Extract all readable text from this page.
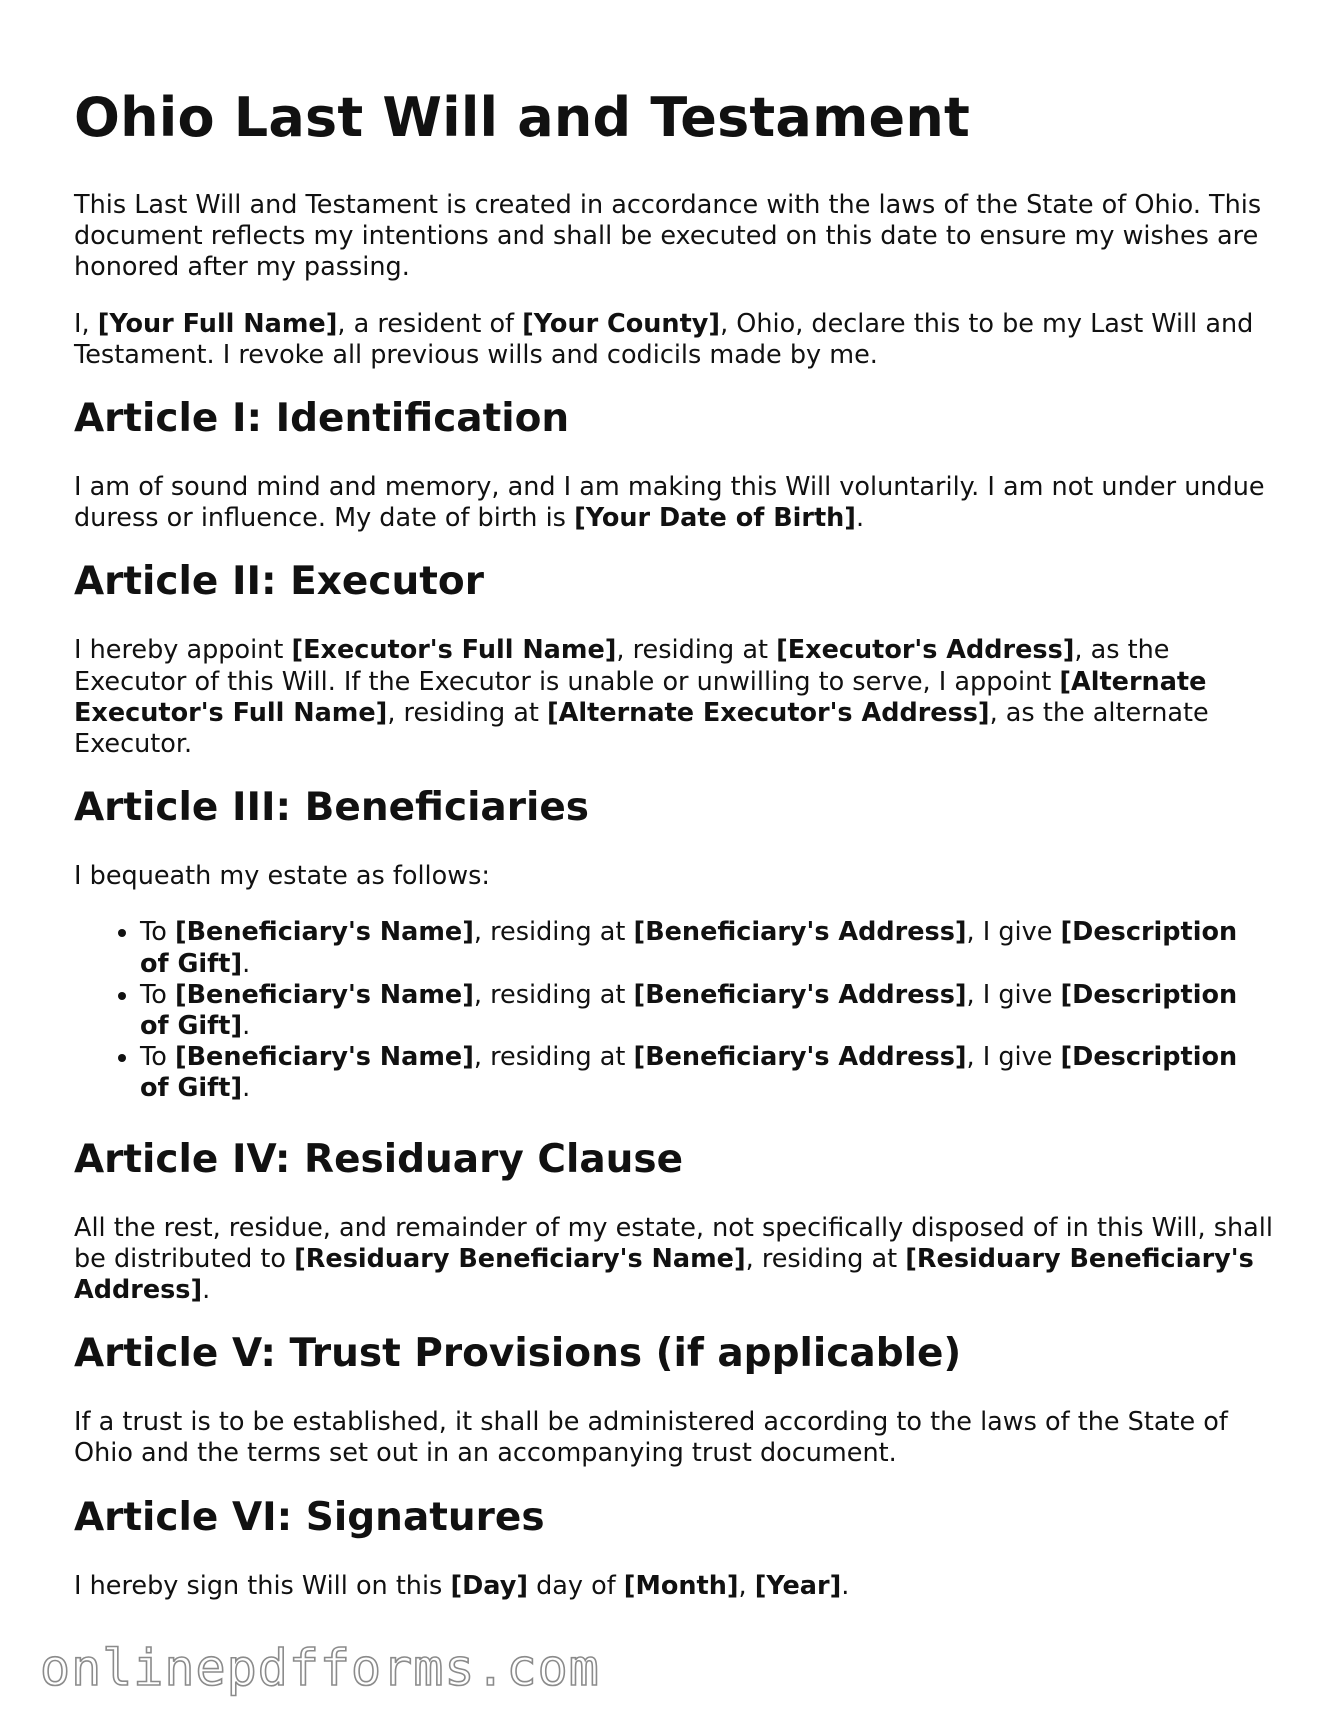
Ohio Last Will and Testament

This Last Will and Testament is created in accordance with the laws of the State of Ohio. This document reflects my intentions and shall be executed on this date to ensure my wishes are honored after my passing.

I, [Your Full Name], a resident of [Your County], Ohio, declare this to be my Last Will and Testament. I revoke all previous wills and codicils made by me.

Article I: Identification

I am of sound mind and memory, and I am making this Will voluntarily. I am not under undue duress or influence. My date of birth is [Your Date of Birth].

Article II: Executor

I hereby appoint [Executor's Full Name], residing at [Executor's Address], as the Executor of this Will. If the Executor is unable or unwilling to serve, I appoint [Alternate Executor's Full Name], residing at [Alternate Executor's Address], as the alternate Executor.

Article III: Beneficiaries

I bequeath my estate as follows:

• To [Beneficiary's Name], residing at [Beneficiary's Address], I give [Description of Gift].
• To [Beneficiary's Name], residing at [Beneficiary's Address], I give [Description of Gift].
• To [Beneficiary's Name], residing at [Beneficiary's Address], I give [Description of Gift].
Article IV: Residuary Clause

All the rest, residue, and remainder of my estate, not specifically disposed of in this Will, shall be distributed to [Residuary Beneficiary's Name], residing at [Residuary Beneficiary's Address].

Article V: Trust Provisions (if applicable)

If a trust is to be established, it shall be administered according to the laws of the State of Ohio and the terms set out in an accompanying trust document.

Article VI: Signatures

I hereby sign this Will on this [Day] day of [Month], [Year].

onlinepdfforms.com
